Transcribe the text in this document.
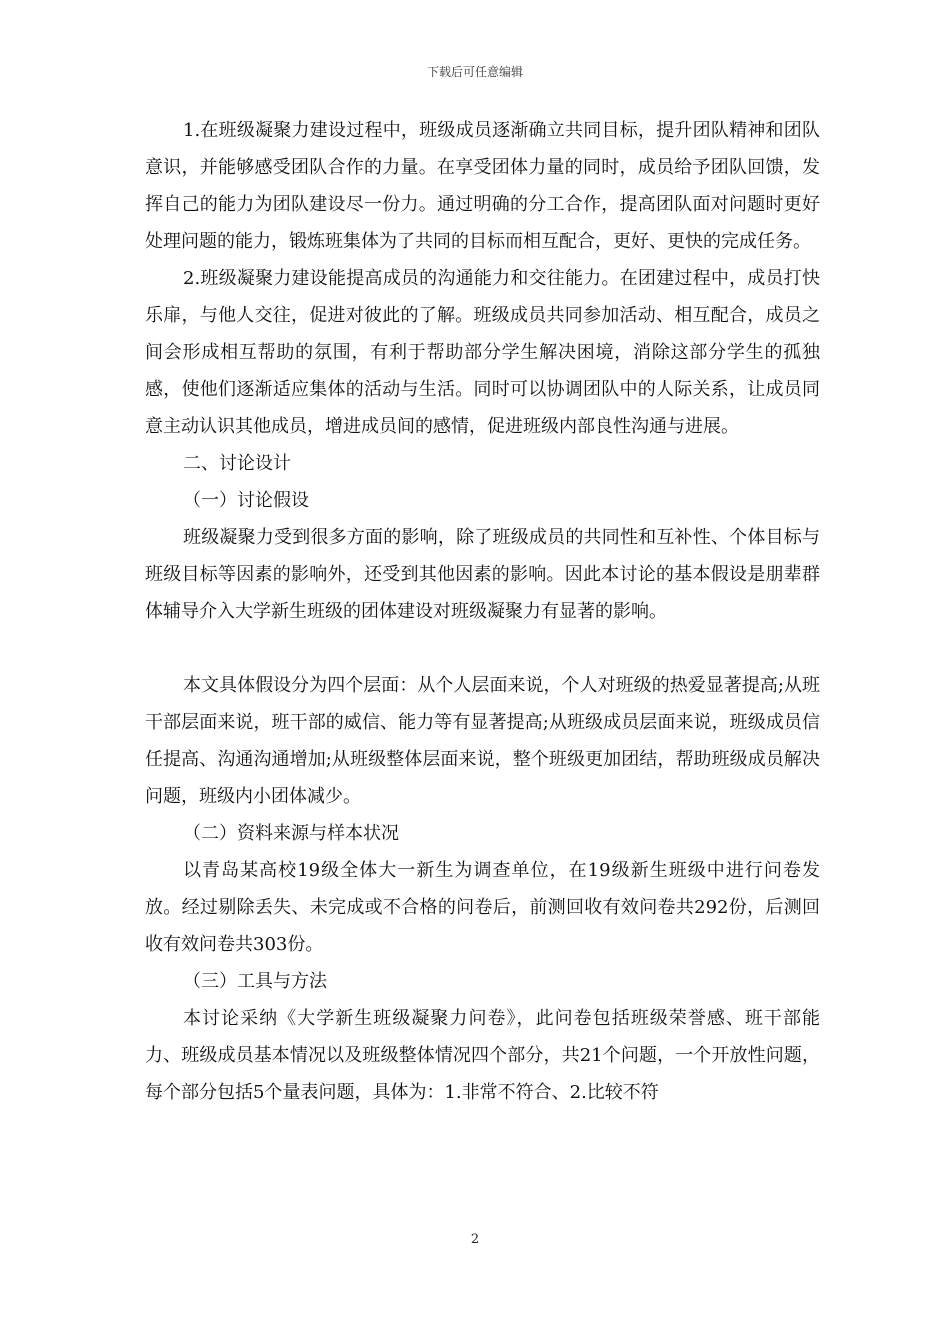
下载后可任意编辑

1.在班级凝聚力建设过程中，班级成员逐渐确立共同目标，提升团队精神和团队意识，并能够感受团队合作的力量。在享受团体力量的同时，成员给予团队回馈，发挥自己的能力为团队建设尽一份力。通过明确的分工合作，提高团队面对问题时更好处理问题的能力，锻炼班集体为了共同的目标而相互配合，更好、更快的完成任务。

2.班级凝聚力建设能提高成员的沟通能力和交往能力。在团建过程中，成员打快乐扉，与他人交往，促进对彼此的了解。班级成员共同参加活动、相互配合，成员之间会形成相互帮助的氛围，有利于帮助部分学生解决困境，消除这部分学生的孤独感，使他们逐渐适应集体的活动与生活。同时可以协调团队中的人际关系，让成员同意主动认识其他成员，增进成员间的感情，促进班级内部良性沟通与进展。

二、讨论设计

（一）讨论假设

班级凝聚力受到很多方面的影响，除了班级成员的共同性和互补性、个体目标与班级目标等因素的影响外，还受到其他因素的影响。因此本讨论的基本假设是朋辈群体辅导介入大学新生班级的团体建设对班级凝聚力有显著的影响。

本文具体假设分为四个层面：从个人层面来说，个人对班级的热爱显著提高;从班干部层面来说，班干部的威信、能力等有显著提高;从班级成员层面来说，班级成员信任提高、沟通沟通增加;从班级整体层面来说，整个班级更加团结，帮助班级成员解决问题，班级内小团体减少。

（二）资料来源与样本状况

以青岛某高校19级全体大一新生为调查单位，在19级新生班级中进行问卷发放。经过剔除丢失、未完成或不合格的问卷后，前测回收有效问卷共292份，后测回收有效问卷共303份。

（三）工具与方法

本讨论采纳《大学新生班级凝聚力问卷》，此问卷包括班级荣誉感、班干部能力、班级成员基本情况以及班级整体情况四个部分，共21个问题，一个开放性问题，每个部分包括5个量表问题，具体为：1.非常不符合、2.比较不符

2
